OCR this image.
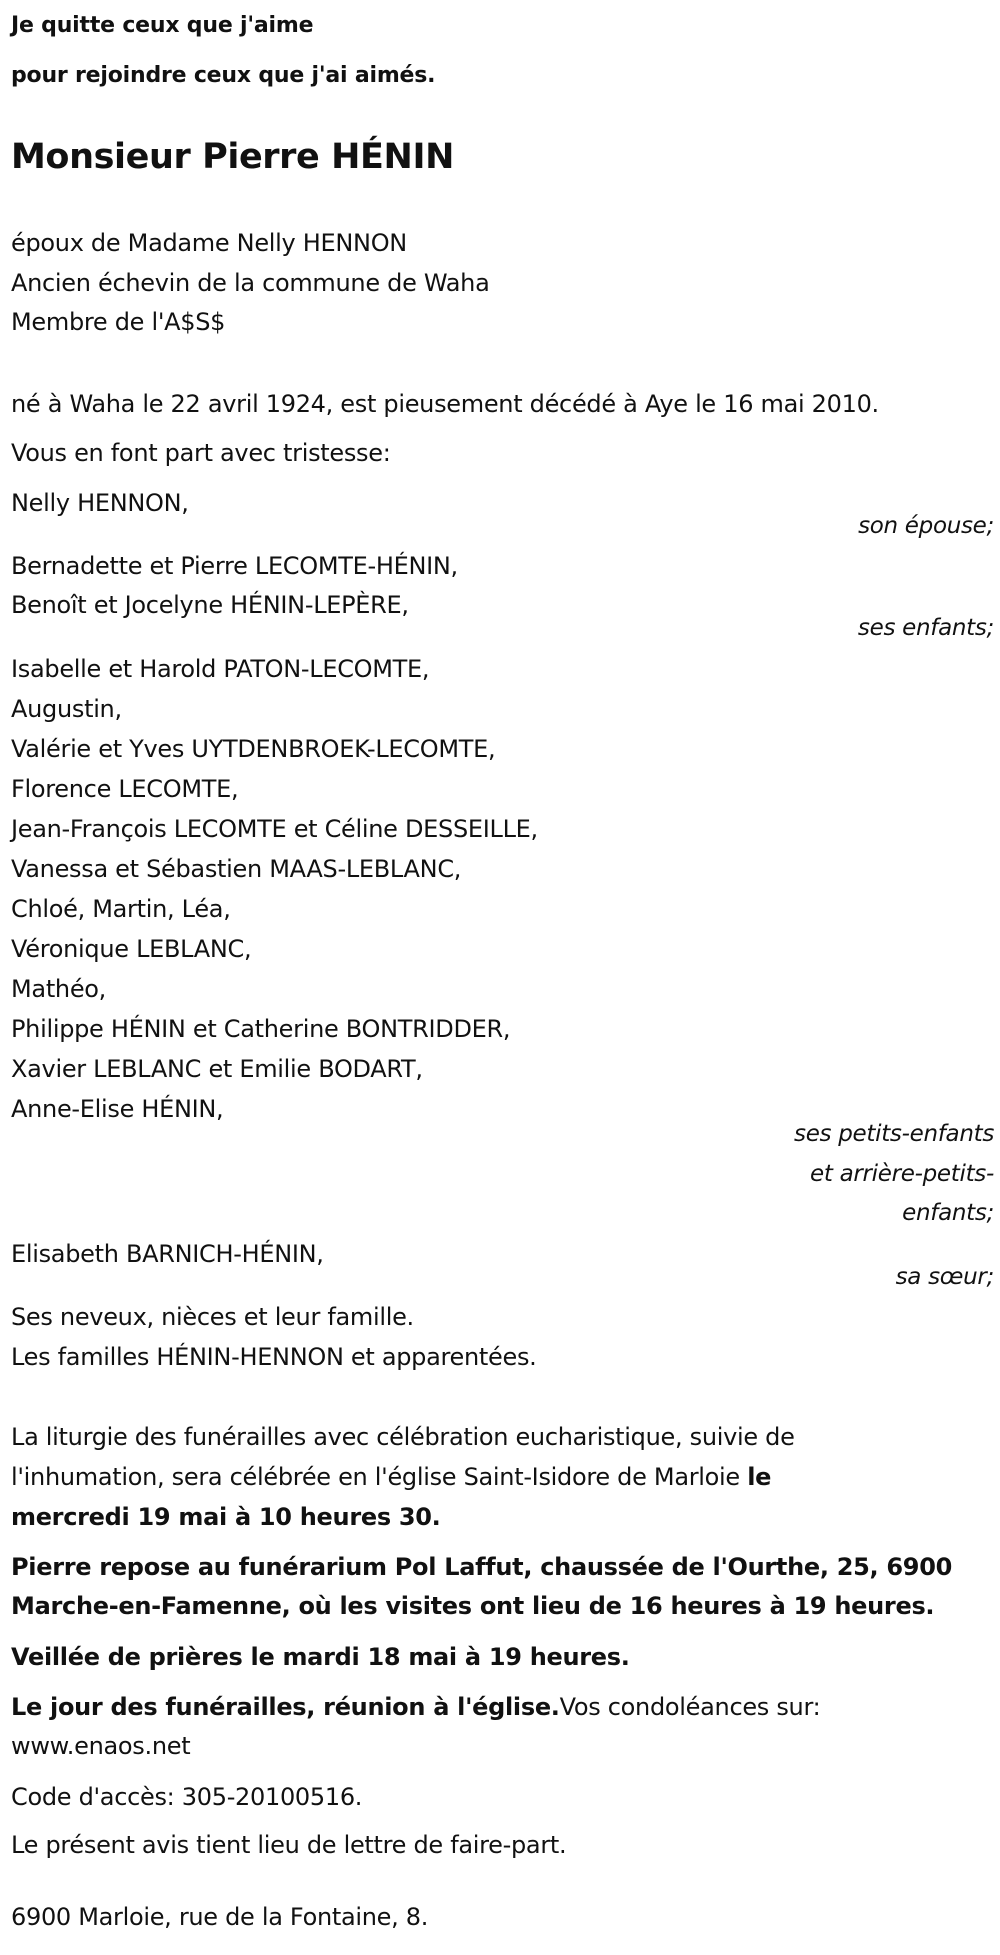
Je quitte ceux que j'aime
pour rejoindre ceux que j'ai aimés.
Monsieur Pierre HÉNIN
époux de Madame Nelly HENNON
Ancien échevin de la commune de Waha
Membre de l'A$S$
né à Waha le 22 avril 1924, est pieusement décédé à Aye le 16 mai 2010.
Vous en font part avec tristesse:
Nelly HENNON,
son épouse;
Bernadette et Pierre LECOMTE-HÉNIN,
Benoît et Jocelyne HÉNIN-LEPÈRE,
ses enfants;
Isabelle et Harold PATON-LECOMTE,
Augustin,
Valérie et Yves UYTDENBROEK-LECOMTE,
Florence LECOMTE,
Jean-François LECOMTE et Céline DESSEILLE,
Vanessa et Sébastien MAAS-LEBLANC,
Chloé, Martin, Léa,
Véronique LEBLANC,
Mathéo,
Philippe HÉNIN et Catherine BONTRIDDER,
Xavier LEBLANC et Emilie BODART,
Anne-Elise HÉNIN,
ses petits-enfants
et arrière-petits-
enfants;
Elisabeth BARNICH-HÉNIN,
sa sœur;
Ses neveux, nièces et leur famille.
Les familles HÉNIN-HENNON et apparentées.
La liturgie des funérailles avec célébration eucharistique, suivie de
l'inhumation, sera célébrée en l'église Saint-Isidore de Marloie le
mercredi 19 mai à 10 heures 30.
Pierre repose au funérarium Pol Laffut, chaussée de l'Ourthe, 25, 6900
Marche-en-Famenne, où les visites ont lieu de 16 heures à 19 heures.
Veillée de prières le mardi 18 mai à 19 heures.
Le jour des funérailles, réunion à l'église.Vos condoléances sur:
www.enaos.net
Code d'accès: 305-20100516.
Le présent avis tient lieu de lettre de faire-part.
6900 Marloie, rue de la Fontaine, 8.
